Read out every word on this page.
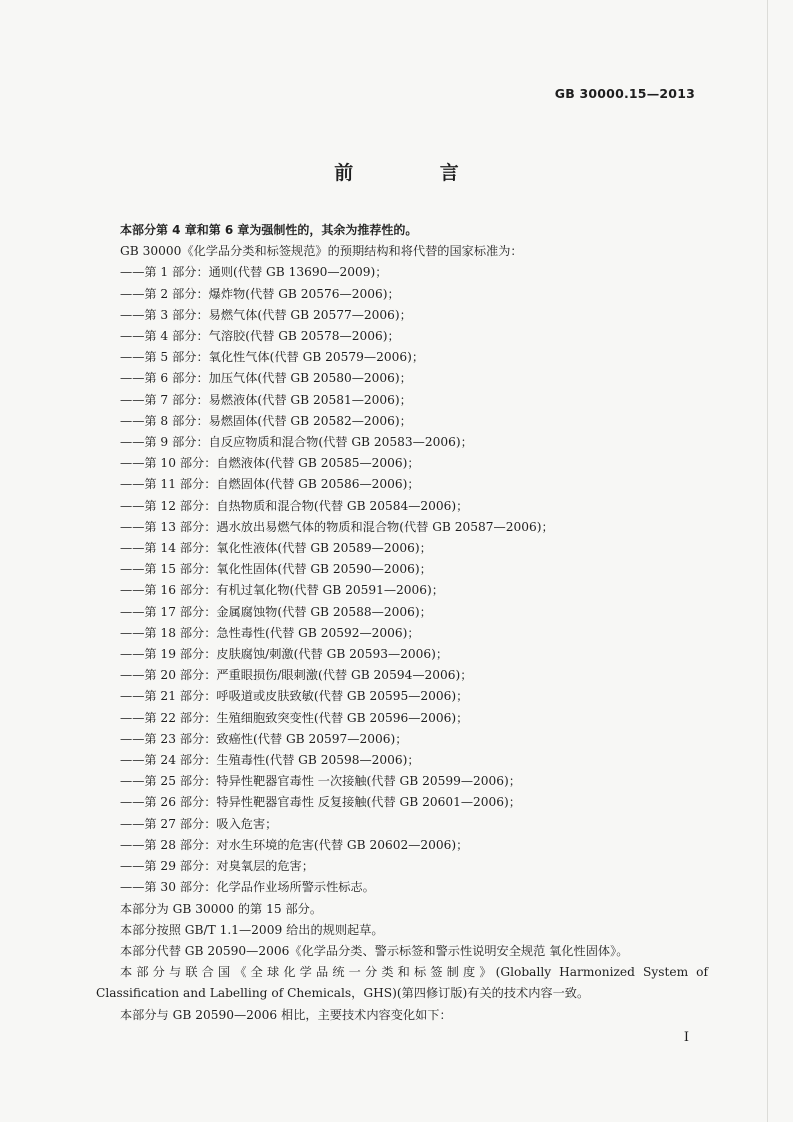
GB 30000.15—2013
前 言

本部分第 4 章和第 6 章为强制性的，其余为推荐性的。

GB 30000《化学品分类和标签规范》的预期结构和将代替的国家标准为：

——第 1 部分：通则(代替 GB 13690—2009)；

——第 2 部分：爆炸物(代替 GB 20576—2006)；

——第 3 部分：易燃气体(代替 GB 20577—2006)；

——第 4 部分：气溶胶(代替 GB 20578—2006)；

——第 5 部分：氧化性气体(代替 GB 20579—2006)；

——第 6 部分：加压气体(代替 GB 20580—2006)；

——第 7 部分：易燃液体(代替 GB 20581—2006)；

——第 8 部分：易燃固体(代替 GB 20582—2006)；

——第 9 部分：自反应物质和混合物(代替 GB 20583—2006)；

——第 10 部分：自燃液体(代替 GB 20585—2006)；

——第 11 部分：自燃固体(代替 GB 20586—2006)；

——第 12 部分：自热物质和混合物(代替 GB 20584—2006)；

——第 13 部分：遇水放出易燃气体的物质和混合物(代替 GB 20587—2006)；

——第 14 部分：氧化性液体(代替 GB 20589—2006)；

——第 15 部分：氧化性固体(代替 GB 20590—2006)；

——第 16 部分：有机过氧化物(代替 GB 20591—2006)；

——第 17 部分：金属腐蚀物(代替 GB 20588—2006)；

——第 18 部分：急性毒性(代替 GB 20592—2006)；

——第 19 部分：皮肤腐蚀/刺激(代替 GB 20593—2006)；

——第 20 部分：严重眼损伤/眼刺激(代替 GB 20594—2006)；

——第 21 部分：呼吸道或皮肤致敏(代替 GB 20595—2006)；

——第 22 部分：生殖细胞致突变性(代替 GB 20596—2006)；

——第 23 部分：致癌性(代替 GB 20597—2006)；

——第 24 部分：生殖毒性(代替 GB 20598—2006)；

——第 25 部分：特异性靶器官毒性 一次接触(代替 GB 20599—2006)；

——第 26 部分：特异性靶器官毒性 反复接触(代替 GB 20601—2006)；

——第 27 部分：吸入危害；

——第 28 部分：对水生环境的危害(代替 GB 20602—2006)；

——第 29 部分：对臭氧层的危害；

——第 30 部分：化学品作业场所警示性标志。

本部分为 GB 30000 的第 15 部分。

本部分按照 GB/T 1.1—2009 给出的规则起草。

本部分代替 GB 20590—2006《化学品分类、警示标签和警示性说明安全规范 氧化性固体》。

本部分与联合国《全球化学品统一分类和标签制度》(Globally Harmonized System of

Classification and Labelling of Chemicals，GHS)(第四修订版)有关的技术内容一致。

本部分与 GB 20590—2006 相比，主要技术内容变化如下：

I
